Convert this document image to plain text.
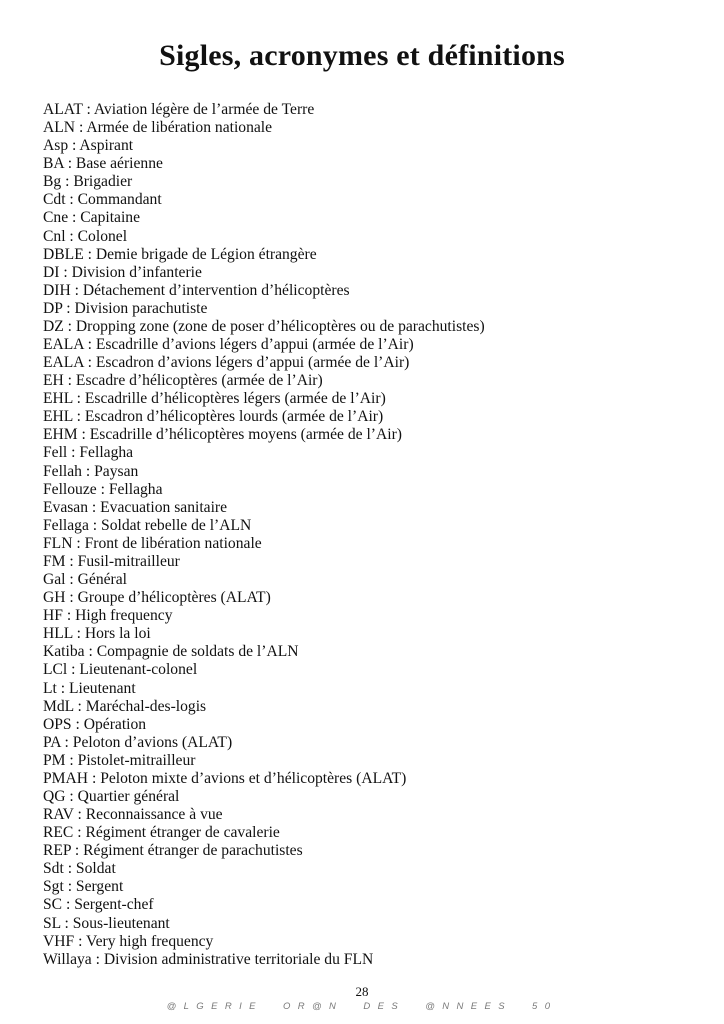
Sigles, acronymes et définitions
ALAT : Aviation légère de l’armée de Terre
ALN : Armée de libération nationale
Asp : Aspirant
BA : Base aérienne
Bg : Brigadier
Cdt : Commandant
Cne : Capitaine
Cnl : Colonel
DBLE : Demie brigade de Légion étrangère
DI : Division d’infanterie
DIH : Détachement d’intervention d’hélicoptères
DP : Division parachutiste
DZ : Dropping zone (zone de poser d’hélicoptères ou de parachutistes)
EALA : Escadrille d’avions légers d’appui (armée de l’Air)
EALA : Escadron d’avions légers d’appui (armée de l’Air)
EH : Escadre d’hélicoptères (armée de l’Air)
EHL : Escadrille d’hélicoptères légers (armée de l’Air)
EHL : Escadron d’hélicoptères lourds (armée de l’Air)
EHM : Escadrille d’hélicoptères moyens (armée de l’Air)
Fell : Fellagha
Fellah : Paysan
Fellouze : Fellagha
Evasan : Evacuation sanitaire
Fellaga : Soldat rebelle de l’ALN
FLN : Front de libération nationale
FM : Fusil-mitrailleur
Gal : Général
GH : Groupe d’hélicoptères (ALAT)
HF : High frequency
HLL : Hors la loi
Katiba : Compagnie de soldats de l’ALN
LCl : Lieutenant-colonel
Lt : Lieutenant
MdL : Maréchal-des-logis
OPS : Opération
PA : Peloton d’avions (ALAT)
PM : Pistolet-mitrailleur
PMAH : Peloton mixte d’avions et d’hélicoptères (ALAT)
QG : Quartier général
RAV : Reconnaissance à vue
REC : Régiment étranger de cavalerie
REP : Régiment étranger de parachutistes
Sdt : Soldat
Sgt : Sergent
SC : Sergent-chef
SL : Sous-lieutenant
VHF : Very high frequency
Willaya : Division administrative territoriale du FLN
28
@LGERIE  OR@N  DES  @NNEES  50
